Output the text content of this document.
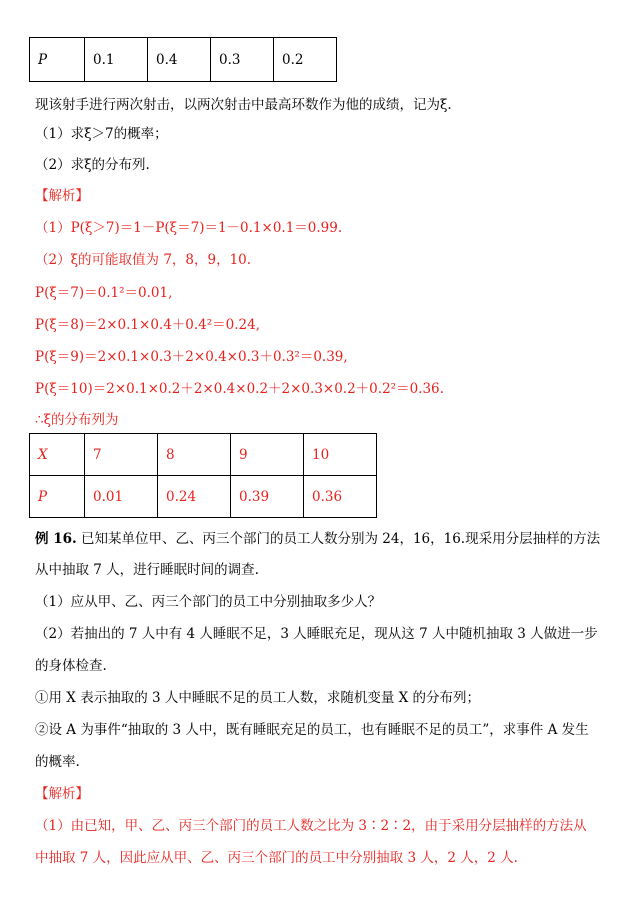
P	0.1	0.4	0.3	0.2
现该射手进行两次射击，以两次射击中最高环数作为他的成绩，记为ξ.
（1）求ξ＞7的概率；
（2）求ξ的分布列.
【解析】
（1）P(ξ＞7)＝1－P(ξ＝7)＝1－0.1×0.1＝0.99.
（2）ξ的可能取值为 7，8，9，10.
P(ξ＝7)＝0.1²＝0.01,
P(ξ＝8)＝2×0.1×0.4＋0.4²＝0.24,
P(ξ＝9)＝2×0.1×0.3＋2×0.4×0.3＋0.3²＝0.39,
P(ξ＝10)＝2×0.1×0.2＋2×0.4×0.2＋2×0.3×0.2＋0.2²＝0.36.
∴ξ的分布列为
X	7	8	9	10
P	0.01	0.24	0.39	0.36
例 16. 已知某单位甲、乙、丙三个部门的员工人数分别为 24，16，16.现采用分层抽样的方法
从中抽取 7 人，进行睡眠时间的调查.
（1）应从甲、乙、丙三个部门的员工中分别抽取多少人？
（2）若抽出的 7 人中有 4 人睡眠不足，3 人睡眠充足，现从这 7 人中随机抽取 3 人做进一步
的身体检查.
①用 X 表示抽取的 3 人中睡眠不足的员工人数，求随机变量 X 的分布列；
②设 A 为事件“抽取的 3 人中，既有睡眠充足的员工，也有睡眠不足的员工”，求事件 A 发生
的概率.
【解析】
（1）由已知，甲、乙、丙三个部门的员工人数之比为 3∶2∶2，由于采用分层抽样的方法从
中抽取 7 人，因此应从甲、乙、丙三个部门的员工中分别抽取 3 人，2 人，2 人.
